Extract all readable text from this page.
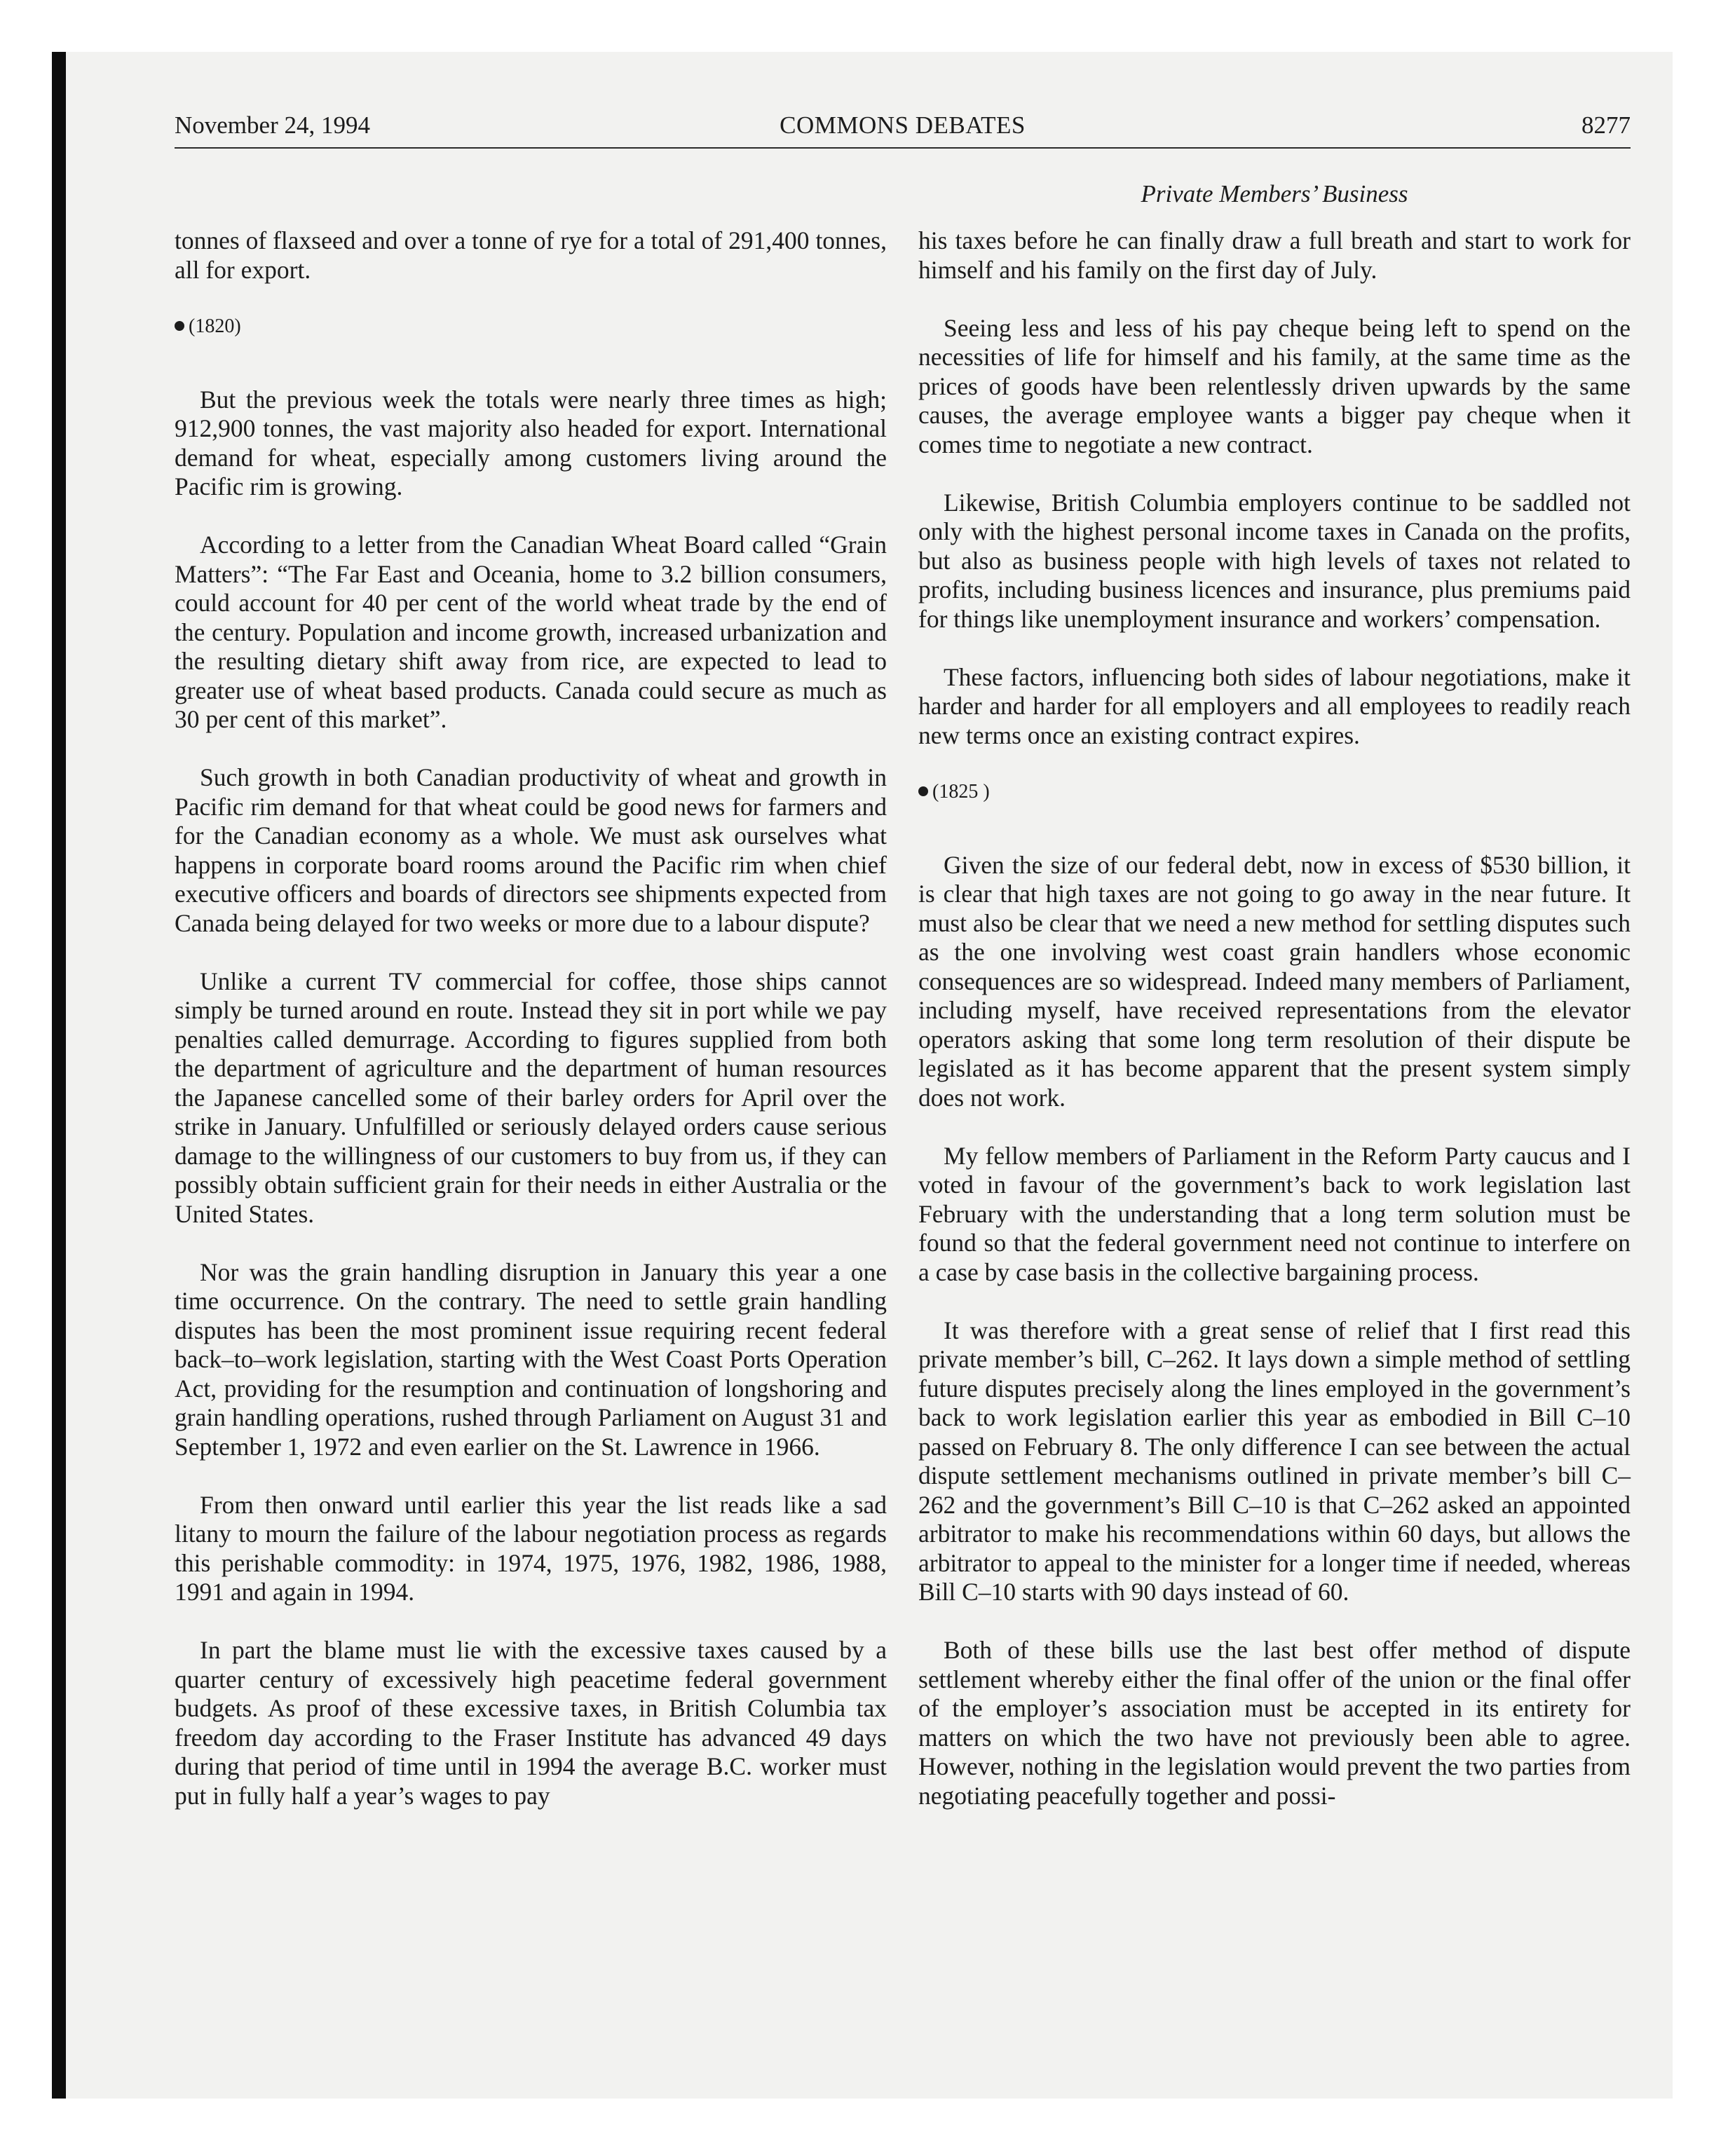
November 24, 1994	COMMONS DEBATES	8277
Private Members’ Business

tonnes of flaxseed and over a tonne of rye for a total of 291,400 tonnes, all for export.

(1820)

But the previous week the totals were nearly three times as high; 912,900 tonnes, the vast majority also headed for export. International demand for wheat, especially among customers living around the Pacific rim is growing.

According to a letter from the Canadian Wheat Board called “Grain Matters”: “The Far East and Oceania, home to 3.2 billion consumers, could account for 40 per cent of the world wheat trade by the end of the century. Population and income growth, increased urbanization and the resulting dietary shift away from rice, are expected to lead to greater use of wheat based products. Canada could secure as much as 30 per cent of this market”.

Such growth in both Canadian productivity of wheat and growth in Pacific rim demand for that wheat could be good news for farmers and for the Canadian economy as a whole. We must ask ourselves what happens in corporate board rooms around the Pacific rim when chief executive officers and boards of directors see shipments expected from Canada being delayed for two weeks or more due to a labour dispute?

Unlike a current TV commercial for coffee, those ships cannot simply be turned around en route. Instead they sit in port while we pay penalties called demurrage. According to figures supplied from both the department of agriculture and the department of human resources the Japanese cancelled some of their barley orders for April over the strike in January. Unfulfilled or seriously delayed orders cause serious damage to the willingness of our customers to buy from us, if they can possibly obtain sufficient grain for their needs in either Australia or the United States.

Nor was the grain handling disruption in January this year a one time occurrence. On the contrary. The need to settle grain handling disputes has been the most prominent issue requiring recent federal back–to–work legislation, starting with the West Coast Ports Operation Act, providing for the resumption and continuation of longshoring and grain handling operations, rushed through Parliament on August 31 and September 1, 1972 and even earlier on the St. Lawrence in 1966.

From then onward until earlier this year the list reads like a sad litany to mourn the failure of the labour negotiation process as regards this perishable commodity: in 1974, 1975, 1976, 1982, 1986, 1988, 1991 and again in 1994.

In part the blame must lie with the excessive taxes caused by a quarter century of excessively high peacetime federal government budgets. As proof of these excessive taxes, in British Columbia tax freedom day according to the Fraser Institute has advanced 49 days during that period of time until in 1994 the average B.C. worker must put in fully half a year’s wages to pay

his taxes before he can finally draw a full breath and start to work for himself and his family on the first day of July.

Seeing less and less of his pay cheque being left to spend on the necessities of life for himself and his family, at the same time as the prices of goods have been relentlessly driven upwards by the same causes, the average employee wants a bigger pay cheque when it comes time to negotiate a new contract.

Likewise, British Columbia employers continue to be saddled not only with the highest personal income taxes in Canada on the profits, but also as business people with high levels of taxes not related to profits, including business licences and insurance, plus premiums paid for things like unemployment insurance and workers’ compensation.

These factors, influencing both sides of labour negotiations, make it harder and harder for all employers and all employees to readily reach new terms once an existing contract expires.

(1825 )

Given the size of our federal debt, now in excess of $530 billion, it is clear that high taxes are not going to go away in the near future. It must also be clear that we need a new method for settling disputes such as the one involving west coast grain handlers whose economic consequences are so widespread. Indeed many members of Parliament, including myself, have received representations from the elevator operators asking that some long term resolution of their dispute be legislated as it has become apparent that the present system simply does not work.

My fellow members of Parliament in the Reform Party caucus and I voted in favour of the government’s back to work legislation last February with the understanding that a long term solution must be found so that the federal government need not continue to interfere on a case by case basis in the collective bargaining process.

It was therefore with a great sense of relief that I first read this private member’s bill, C–262. It lays down a simple method of settling future disputes precisely along the lines employed in the government’s back to work legislation earlier this year as embodied in Bill C–10 passed on February 8. The only difference I can see between the actual dispute settlement mechanisms outlined in private member’s bill C–262 and the government’s Bill C–10 is that C–262 asked an appointed arbitrator to make his recommendations within 60 days, but allows the arbitrator to appeal to the minister for a longer time if needed, whereas Bill C–10 starts with 90 days instead of 60.

Both of these bills use the last best offer method of dispute settlement whereby either the final offer of the union or the final offer of the employer’s association must be accepted in its entirety for matters on which the two have not previously been able to agree. However, nothing in the legislation would prevent the two parties from negotiating peacefully together and possi-
